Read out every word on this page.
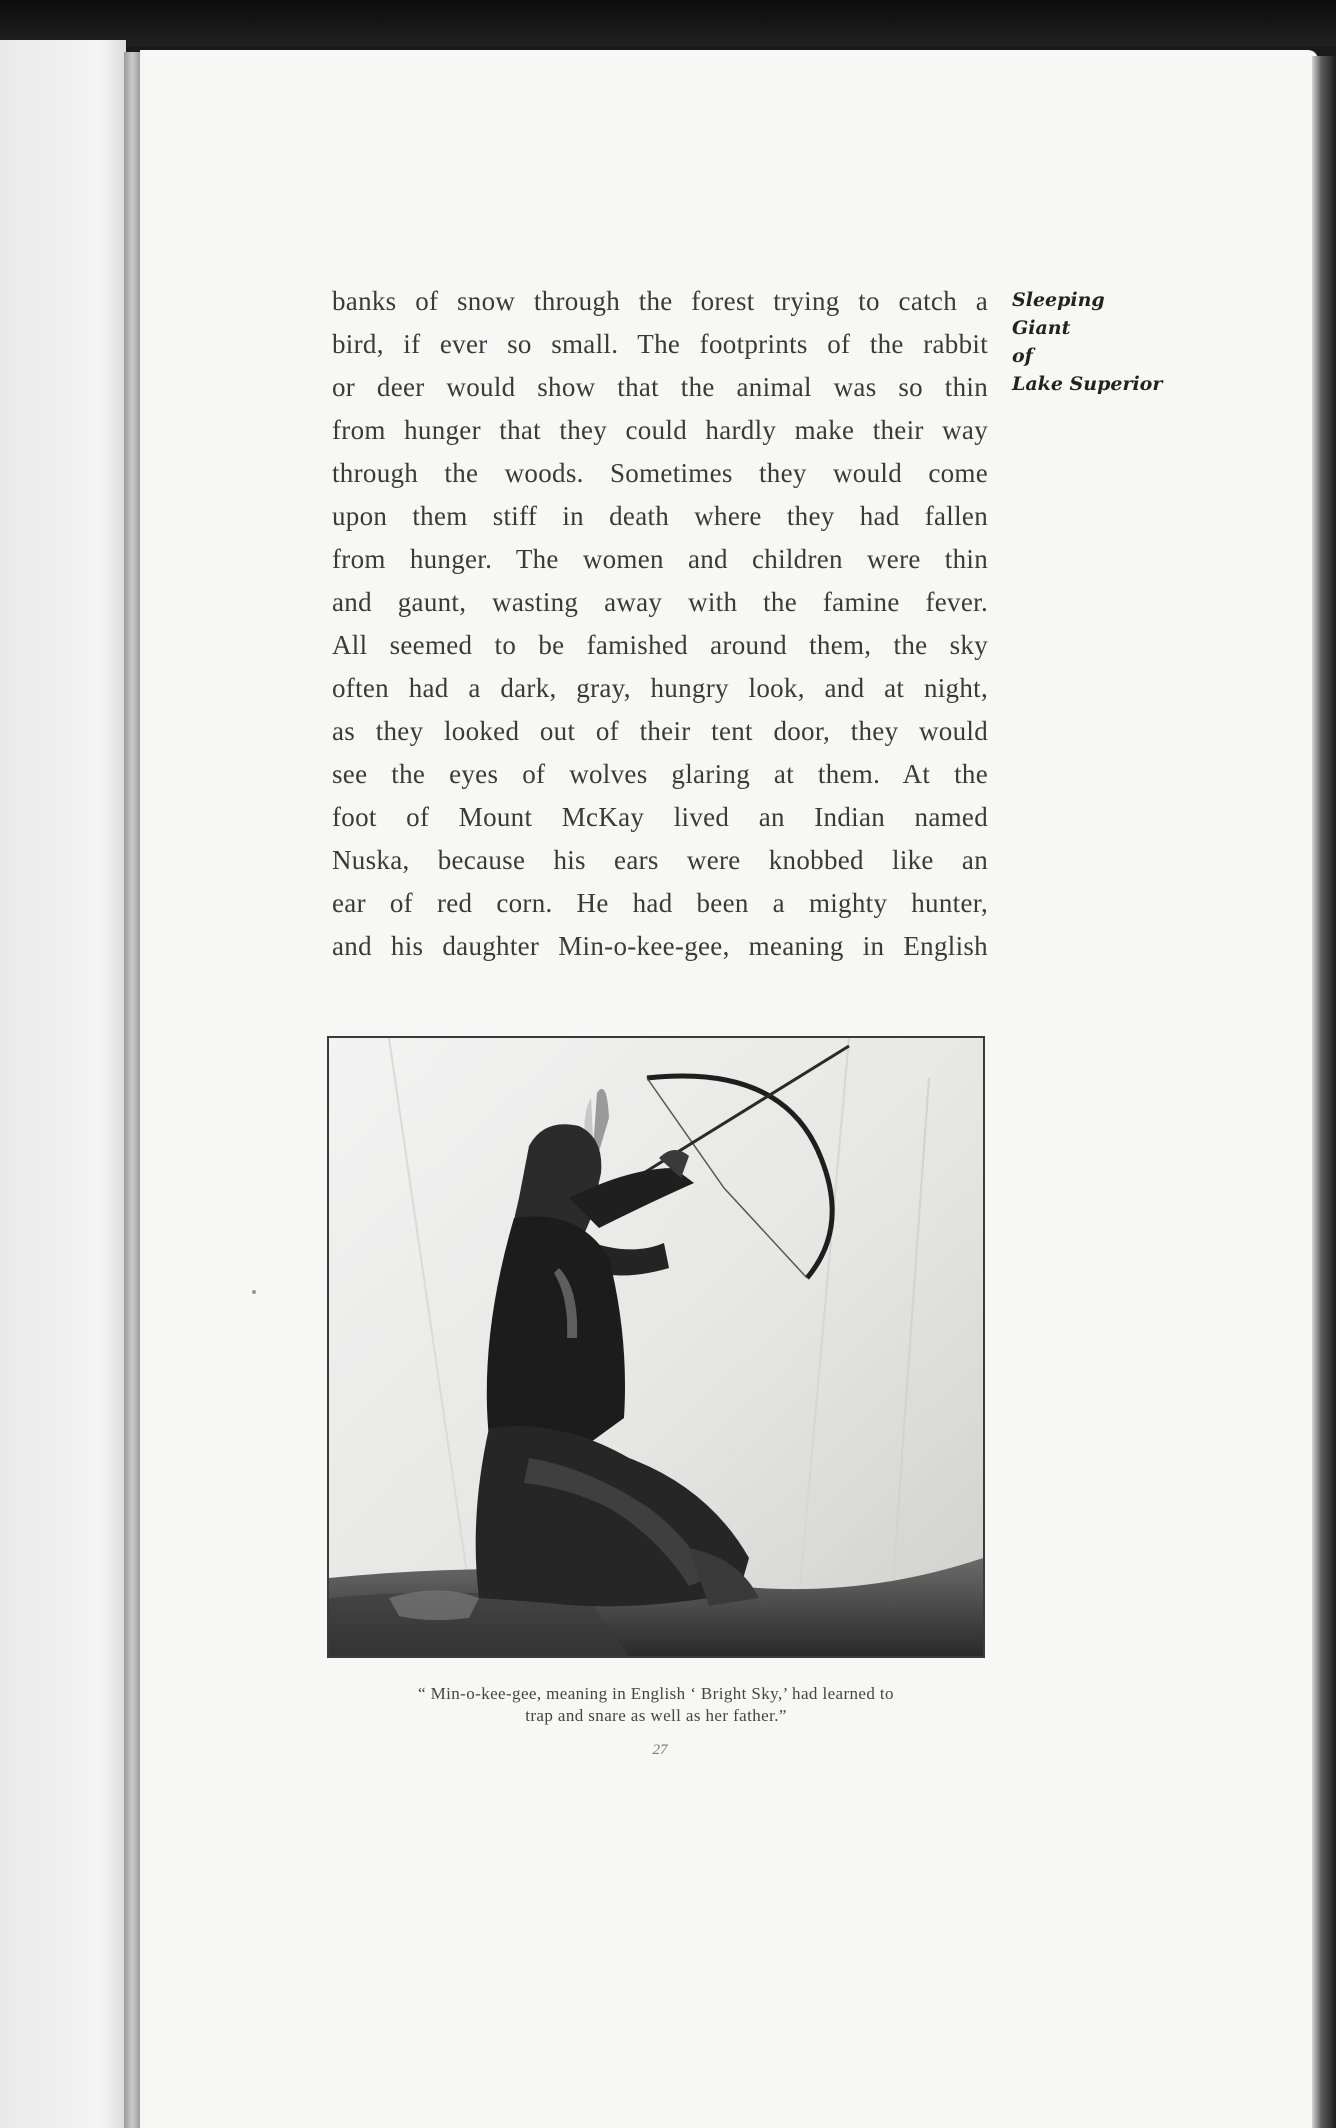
banks of snow through the forest trying to catch a
bird, if ever so small. The footprints of the rabbit
or deer would show that the animal was so thin
from hunger that they could hardly make their way
through the woods. Sometimes they would come
upon them stiff in death where they had fallen
from hunger. The women and children were thin
and gaunt, wasting away with the famine fever.
All seemed to be famished around them, the sky
often had a dark, gray, hungry look, and at night,
as they looked out of their tent door, they would
see the eyes of wolves glaring at them. At the
foot of Mount McKay lived an Indian named
Nuska, because his ears were knobbed like an
ear of red corn. He had been a mighty hunter,
and his daughter Min-o-kee-gee, meaning in English
Sleeping
Giant
of
Lake Superior
“ Min-o-kee-gee, meaning in English ‘ Bright Sky,’ had learned to
trap and snare as well as her father.”
27
